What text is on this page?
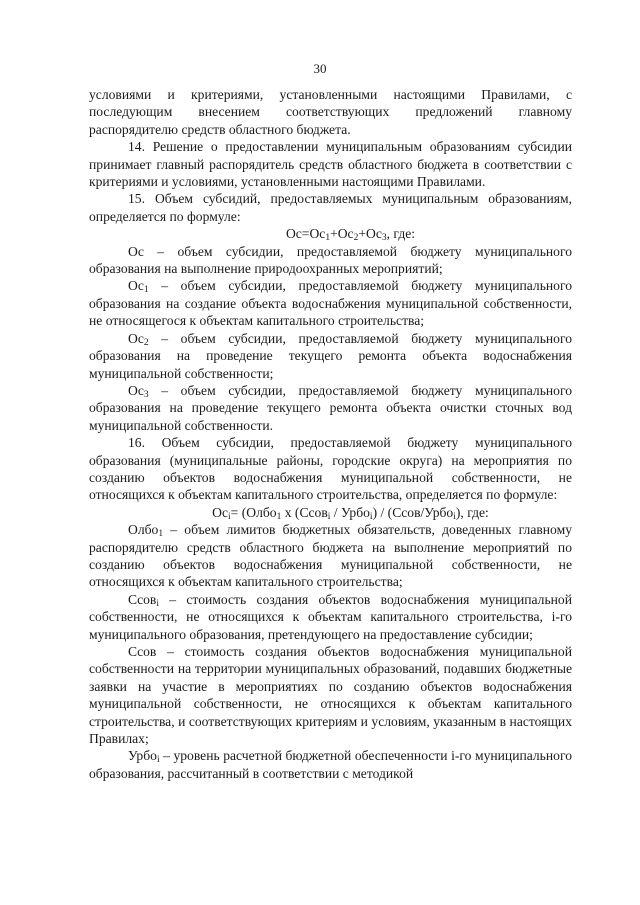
30

условиями и критериями, установленными настоящими Правилами, с последующим внесением соответствующих предложений главному распорядителю средств областного бюджета.

14. Решение о предоставлении муниципальным образованиям субсидии принимает главный распорядитель средств областного бюджета в соответствии с критериями и условиями, установленными настоящими Правилами.

15. Объем субсидий, предоставляемых муниципальным образованиям, определяется по формуле:

$Oc=Oc_1+Oc_2+Oc_3$, где:

Oc – объем субсидии, предоставляемой бюджету муниципального образования на выполнение природоохранных мероприятий;

$Oc_1$ – объем субсидии, предоставляемой бюджету муниципального образования на создание объекта водоснабжения муниципальной собственности, не относящегося к объектам капитального строительства;

$Oc_2$ – объем субсидии, предоставляемой бюджету муниципального образования на проведение текущего ремонта объекта водоснабжения муниципальной собственности;

$Oc_3$ – объем субсидии, предоставляемой бюджету муниципального образования на проведение текущего ремонта объекта очистки сточных вод муниципальной собственности.

16. Объем субсидии, предоставляемой бюджету муниципального образования (муниципальные районы, городские округа) на мероприятия по созданию объектов водоснабжения муниципальной собственности, не относящихся к объектам капитального строительства, определяется по формуле:

$Oc_i=$ (Олбо$_1$ x (Ccов$_i$ / Урбо$_i$) / (Ccов/Урбо$_i$), где:

Олбо$_1$ – объем лимитов бюджетных обязательств, доведенных главному распорядителю средств областного бюджета на выполнение мероприятий по созданию объектов водоснабжения муниципальной собственности, не относящихся к объектам капитального строительства;

Ccов$_i$ – стоимость создания объектов водоснабжения муниципальной собственности, не относящихся к объектам капитального строительства, i-го муниципального образования, претендующего на предоставление субсидии;

Ccов – стоимость создания объектов водоснабжения муниципальной собственности на территории муниципальных образований, подавших бюджетные заявки на участие в мероприятиях по созданию объектов водоснабжения муниципальной собственности, не относящихся к объектам капитального строительства, и соответствующих критериям и условиям, указанным в настоящих Правилах;

Урбо$_i$ – уровень расчетной бюджетной обеспеченности i-го муниципального образования, рассчитанный в соответствии с методикой
